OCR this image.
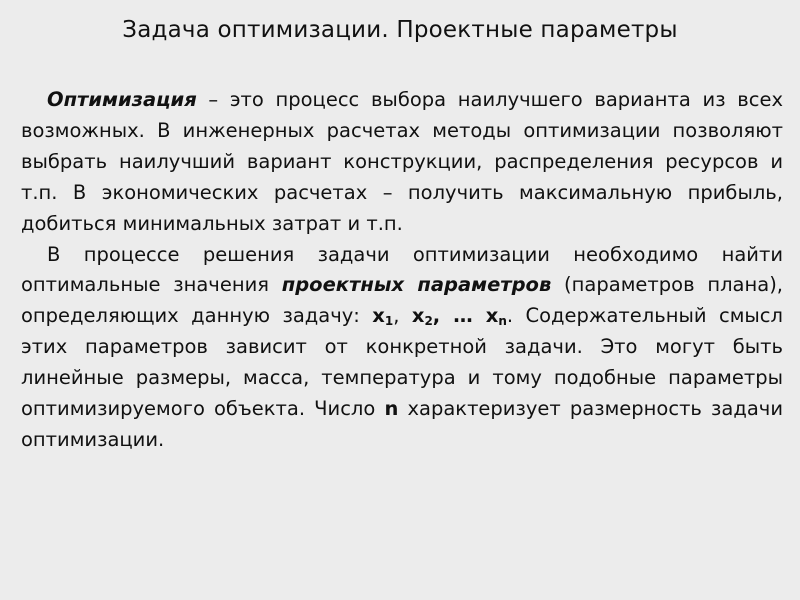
Задача оптимизации. Проектные параметры

Оптимизация – это процесс выбора наилучшего варианта из всех возможных. В инженерных расчетах методы оптимизации позволяют выбрать наилучший вариант конструкции, распределения ресурсов и т.п. В экономических расчетах – получить максимальную прибыль, добиться минимальных затрат и т.п.

В процессе решения задачи оптимизации необходимо найти оптимальные значения проектных параметров (параметров плана), определяющих данную задачу: $x_1$, $x_2$, … $x_n$. Содержательный смысл этих параметров зависит от конкретной задачи. Это могут быть линейные размеры, масса, температура и тому подобные параметры оптимизируемого объекта. Число n характеризует размерность задачи оптимизации.
